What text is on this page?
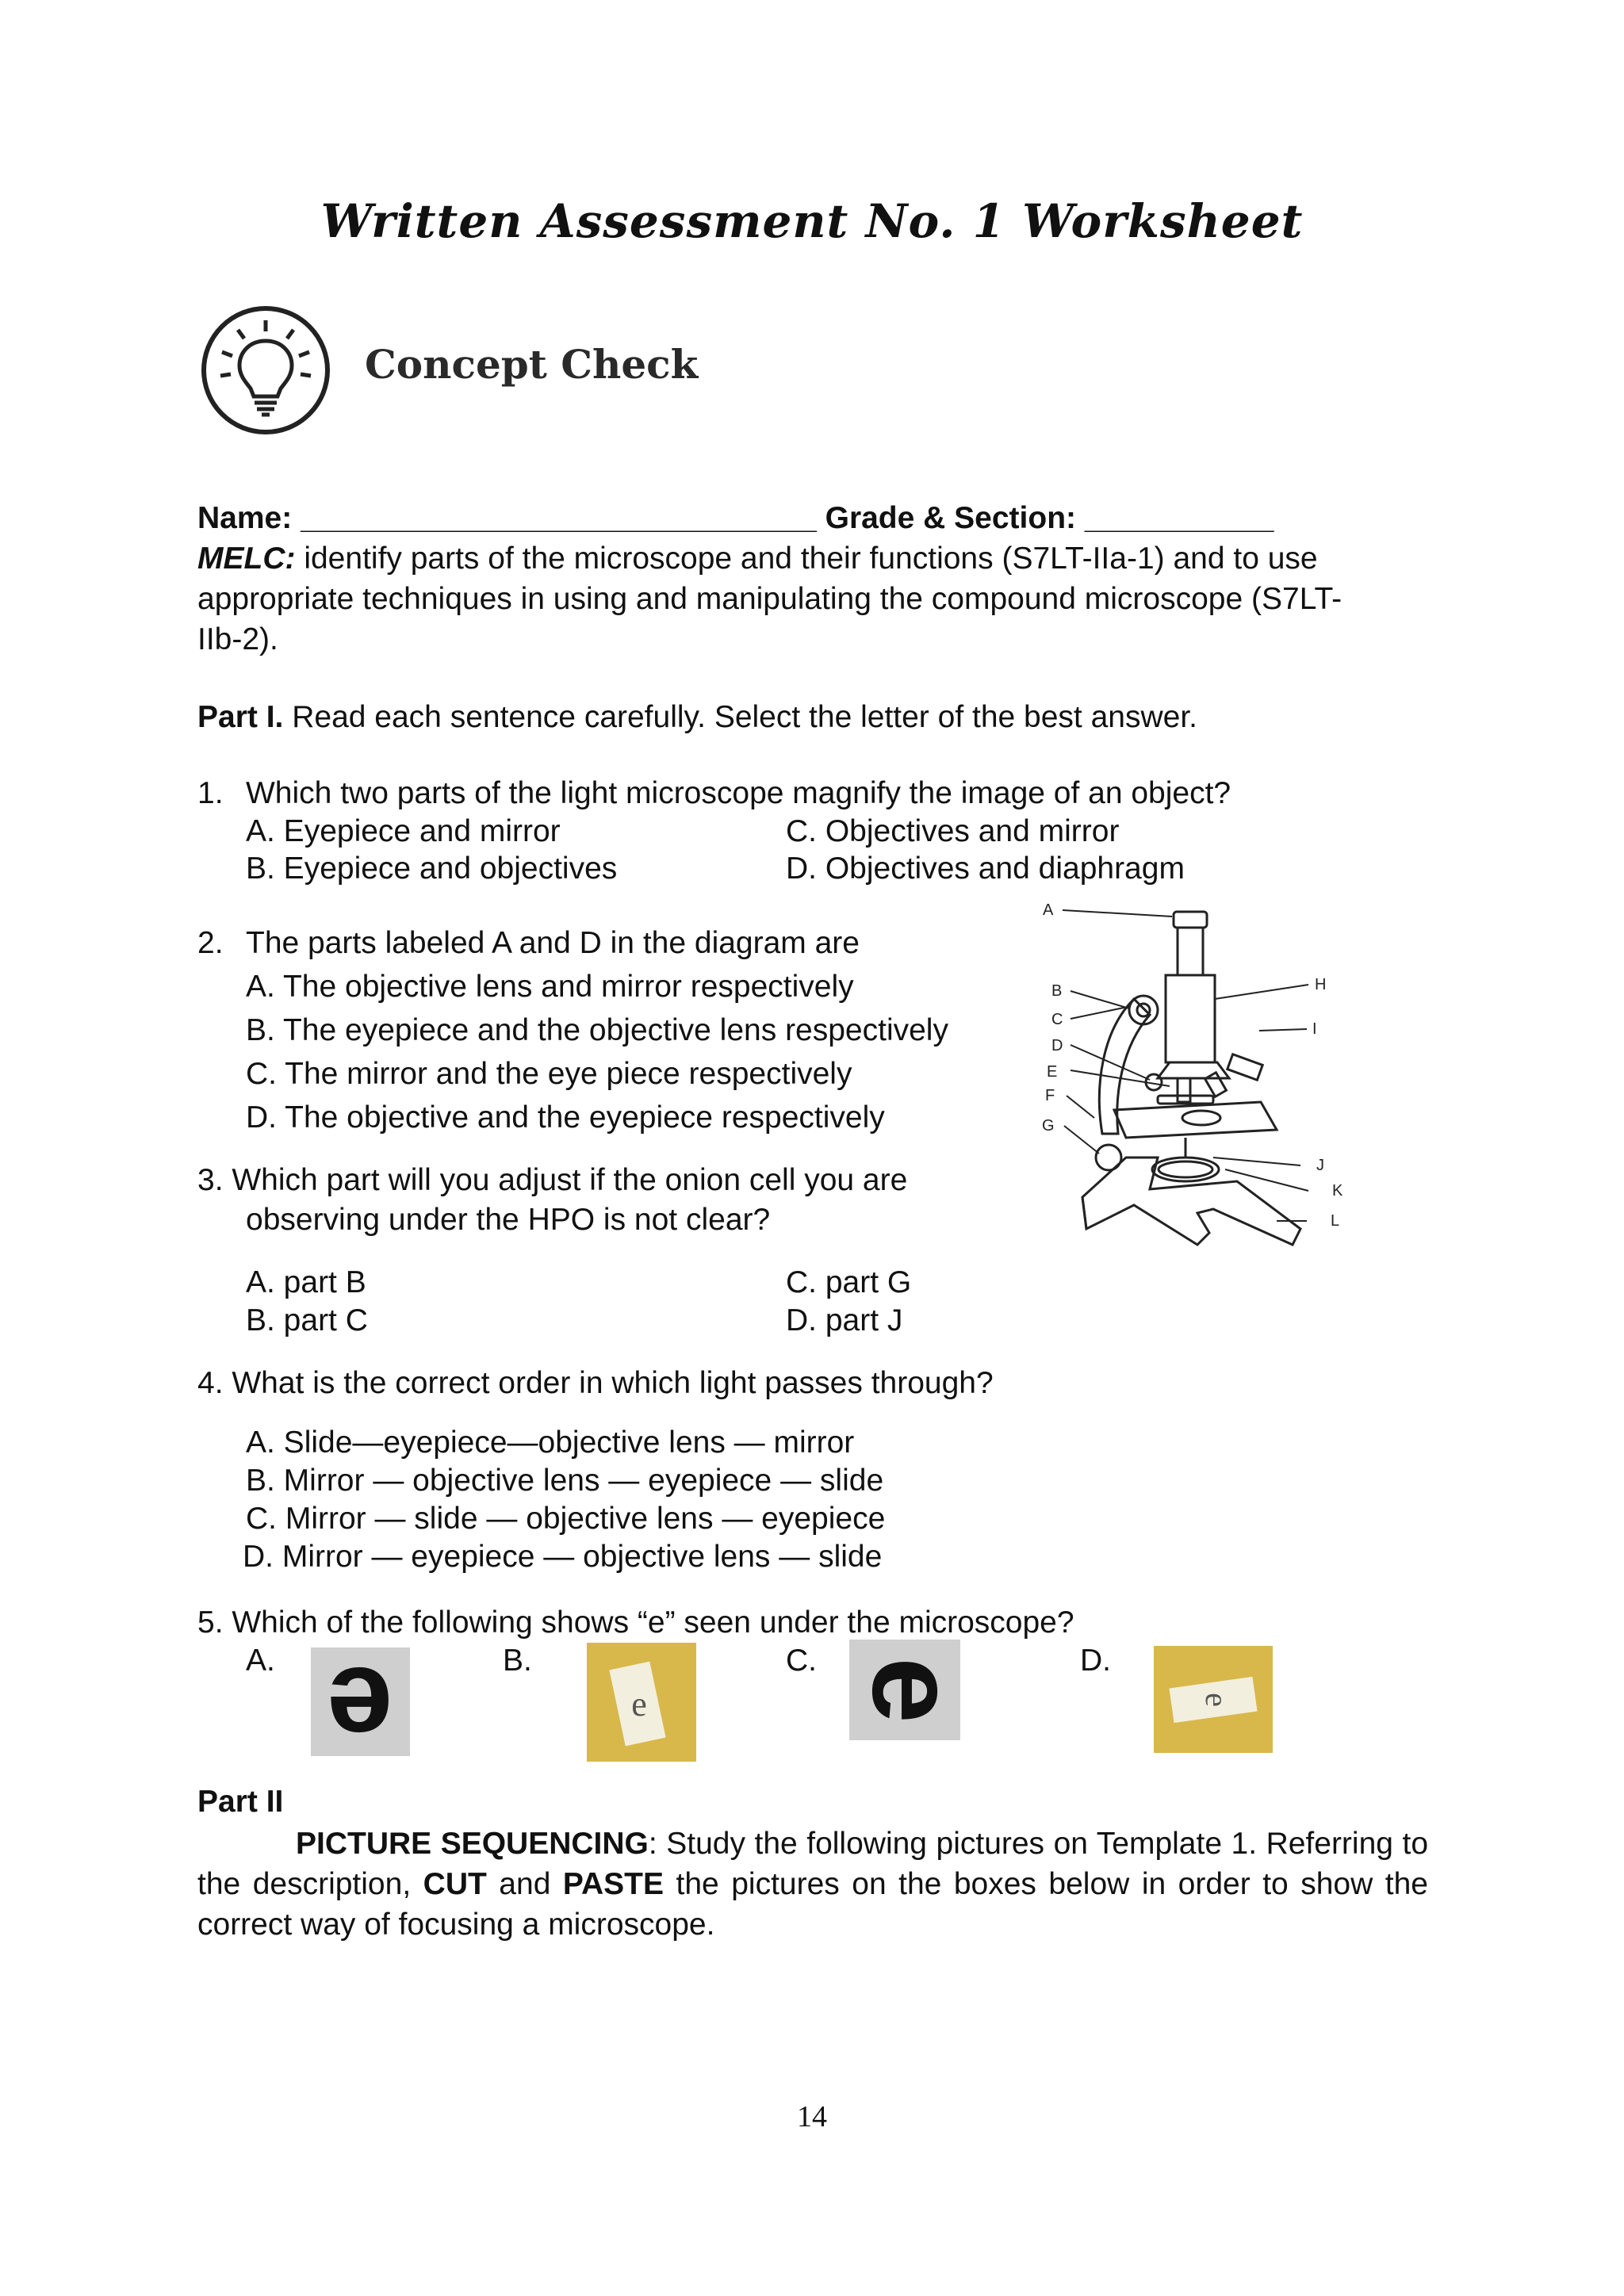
Written Assessment No. 1 Worksheet
Concept Check
Name: ______________________________ Grade & Section: ___________
MELC: identify parts of the microscope and their functions (S7LT-IIa-1) and to use
appropriate techniques in using and manipulating the compound microscope (S7LT-
IIb-2).
Part I. Read each sentence carefully. Select the letter of the best answer.
1. Which two parts of the light microscope magnify the image of an object?
A. Eyepiece and mirror	C. Objectives and mirror
B. Eyepiece and objectives	D. Objectives and diaphragm
2. The parts labeled A and D in the diagram are
A. The objective lens and mirror respectively
B. The eyepiece and the objective lens respectively
C. The mirror and the eye piece respectively
D. The objective and the eyepiece respectively
A
B
C
D
E
F
G
H
I
J
K
L
3. Which part will you adjust if the onion cell you are
observing under the HPO is not clear?
A. part B	C. part G
B. part C	D. part J
4. What is the correct order in which light passes through?
A. Slide—eyepiece—objective lens — mirror
B. Mirror — objective lens — eyepiece — slide
C. Mirror — slide — objective lens — eyepiece
D. Mirror — eyepiece — objective lens — slide
5. Which of the following shows “e” seen under the microscope?
A.	B.	C.	D.
e	e e	e
Part II
PICTURE SEQUENCING: Study the following pictures on Template 1. Referring to the description, CUT and PASTE the pictures on the boxes below in order to show the correct way of focusing a microscope.
14
